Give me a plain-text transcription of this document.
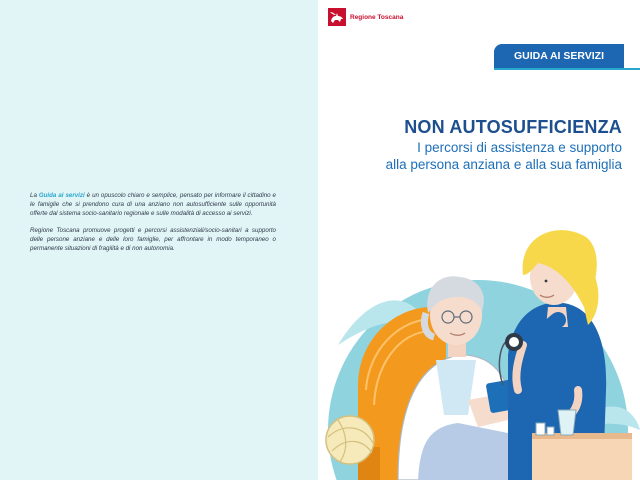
La Guida ai servizi è un opuscolo chiaro e semplice, pensato per informare il cittadino e le famiglie che si prendono cura di una anziano non autosufficiente sulle opportunità offerte dal sistema socio-sanitario regionale e sulle modalità di accesso ai servizi.

Regione Toscana promuove progetti e percorsi assistenziali/socio-sanitari a supporto delle persone anziane e delle loro famiglie, per affrontare in modo temporaneo o permanente situazioni di fragilità e di non autonomia.

Regione Toscana
GUIDA AI SERVIZI
NON AUTOSUFFICIENZA
I percorsi di assistenza e supporto
alla persona anziana e alla sua famiglia
